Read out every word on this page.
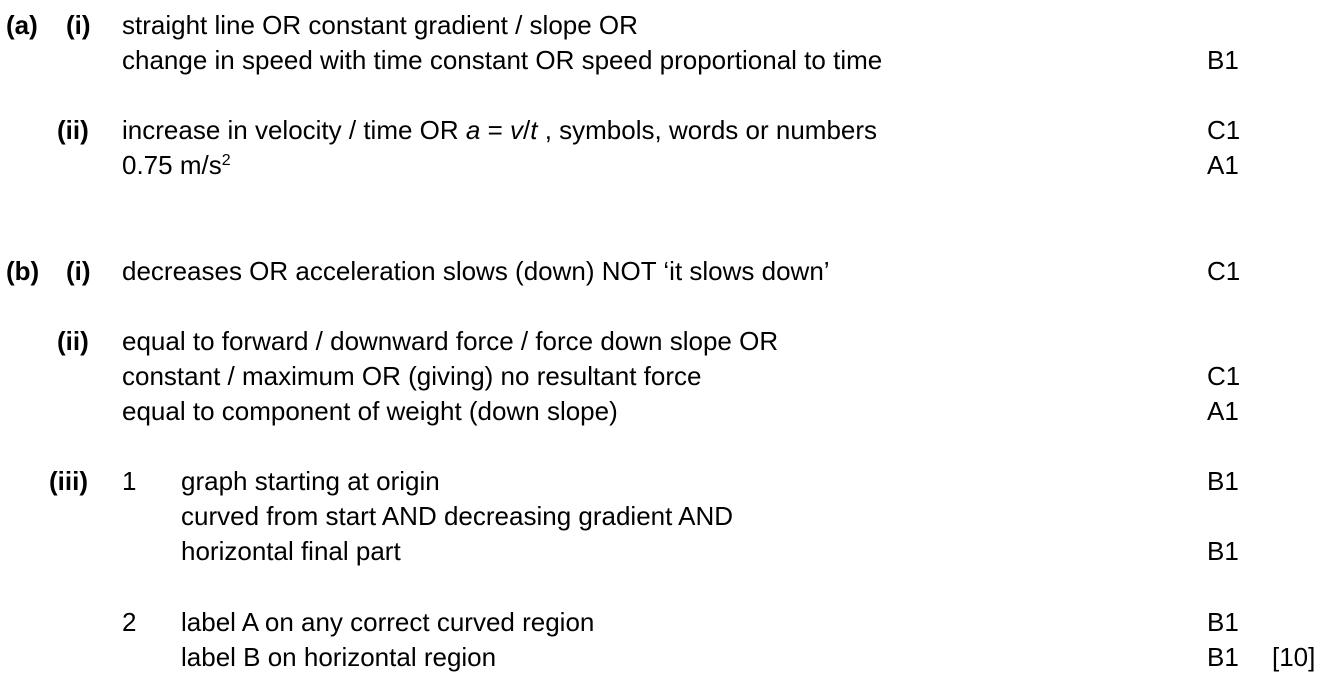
(a) (i) straight line OR constant gradient / slope OR
change in speed with time constant OR speed proportional to time	B1
(ii) increase in velocity / time OR a = v/t , symbols, words or numbers	C1
0.75 $m/s^2$	A1
(b) (i) decreases OR acceleration slows (down) NOT ‘it slows down’	C1
(ii) equal to forward / downward force / force down slope OR
constant / maximum OR (giving) no resultant force	C1
equal to component of weight (down slope)	A1
(iii) 1 graph starting at origin	B1
curved from start AND decreasing gradient AND
horizontal final part	B1
2 label A on any correct curved region	B1
label B on horizontal region	B1 [10]
